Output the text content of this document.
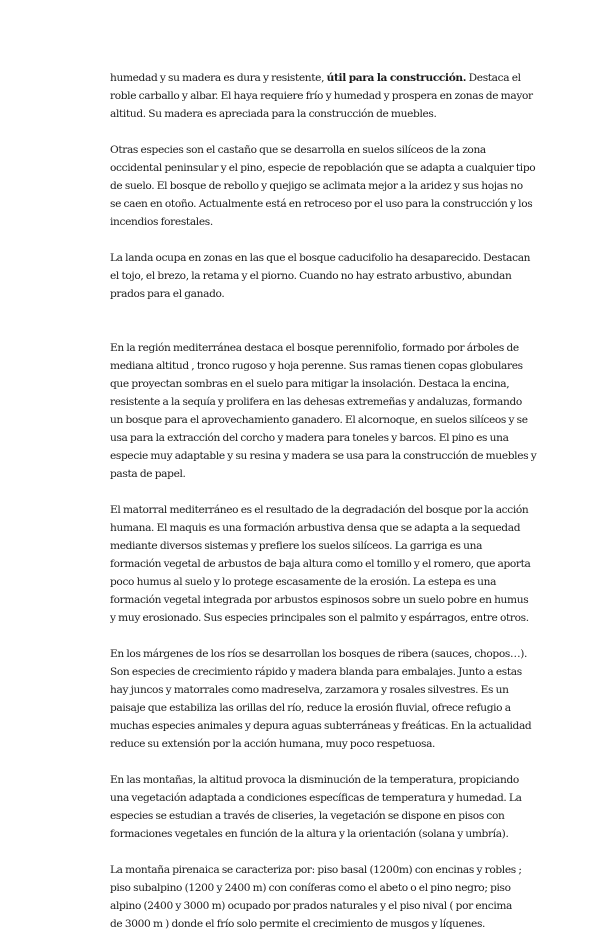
humedad y su madera es dura y resistente, útil para la construcción. Destaca el
roble carballo y albar. El haya requiere frío y humedad y prospera en zonas de mayor
altitud. Su madera es apreciada para la construcción de muebles.

Otras especies son el castaño que se desarrolla en suelos silíceos de la zona
occidental peninsular y el pino, especie de repoblación que se adapta a cualquier tipo
de suelo. El bosque de rebollo y quejigo se aclimata mejor a la aridez y sus hojas no
se caen en otoño. Actualmente está en retroceso por el uso para la construcción y los
incendios forestales.

La landa ocupa en zonas en las que el bosque caducifolio ha desaparecido. Destacan
el tojo, el brezo, la retama y el piorno. Cuando no hay estrato arbustivo, abundan
prados para el ganado.

En la región mediterránea destaca el bosque perennifolio, formado por árboles de
mediana altitud , tronco rugoso y hoja perenne. Sus ramas tienen copas globulares
que proyectan sombras en el suelo para mitigar la insolación. Destaca la encina,
resistente a la sequía y prolifera en las dehesas extremeñas y andaluzas, formando
un bosque para el aprovechamiento ganadero. El alcornoque, en suelos silíceos y se
usa para la extracción del corcho y madera para toneles y barcos. El pino es una
especie muy adaptable y su resina y madera se usa para la construcción de muebles y
pasta de papel.

El matorral mediterráneo es el resultado de la degradación del bosque por la acción
humana. El maquis es una formación arbustiva densa que se adapta a la sequedad
mediante diversos sistemas y prefiere los suelos silíceos. La garriga es una
formación vegetal de arbustos de baja altura como el tomillo y el romero, que aporta
poco humus al suelo y lo protege escasamente de la erosión. La estepa es una
formación vegetal integrada por arbustos espinosos sobre un suelo pobre en humus
y muy erosionado. Sus especies principales son el palmito y espárragos, entre otros.

En los márgenes de los ríos se desarrollan los bosques de ribera (sauces, chopos…).
Son especies de crecimiento rápido y madera blanda para embalajes. Junto a estas
hay juncos y matorrales como madreselva, zarzamora y rosales silvestres. Es un
paisaje que estabiliza las orillas del río, reduce la erosión fluvial, ofrece refugio a
muchas especies animales y depura aguas subterráneas y freáticas. En la actualidad
reduce su extensión por la acción humana, muy poco respetuosa.

En las montañas, la altitud provoca la disminución de la temperatura, propiciando
una vegetación adaptada a condiciones específicas de temperatura y humedad. La
especies se estudian a través de cliseries, la vegetación se dispone en pisos con
formaciones vegetales en función de la altura y la orientación (solana y umbría).

La montaña pirenaica se caracteriza por: piso basal (1200m) con encinas y robles ;
piso subalpino (1200 y 2400 m) con coníferas como el abeto o el pino negro; piso
alpino (2400 y 3000 m) ocupado por prados naturales y el piso nival ( por encima
de 3000 m ) donde el frío solo permite el crecimiento de musgos y líquenes.
